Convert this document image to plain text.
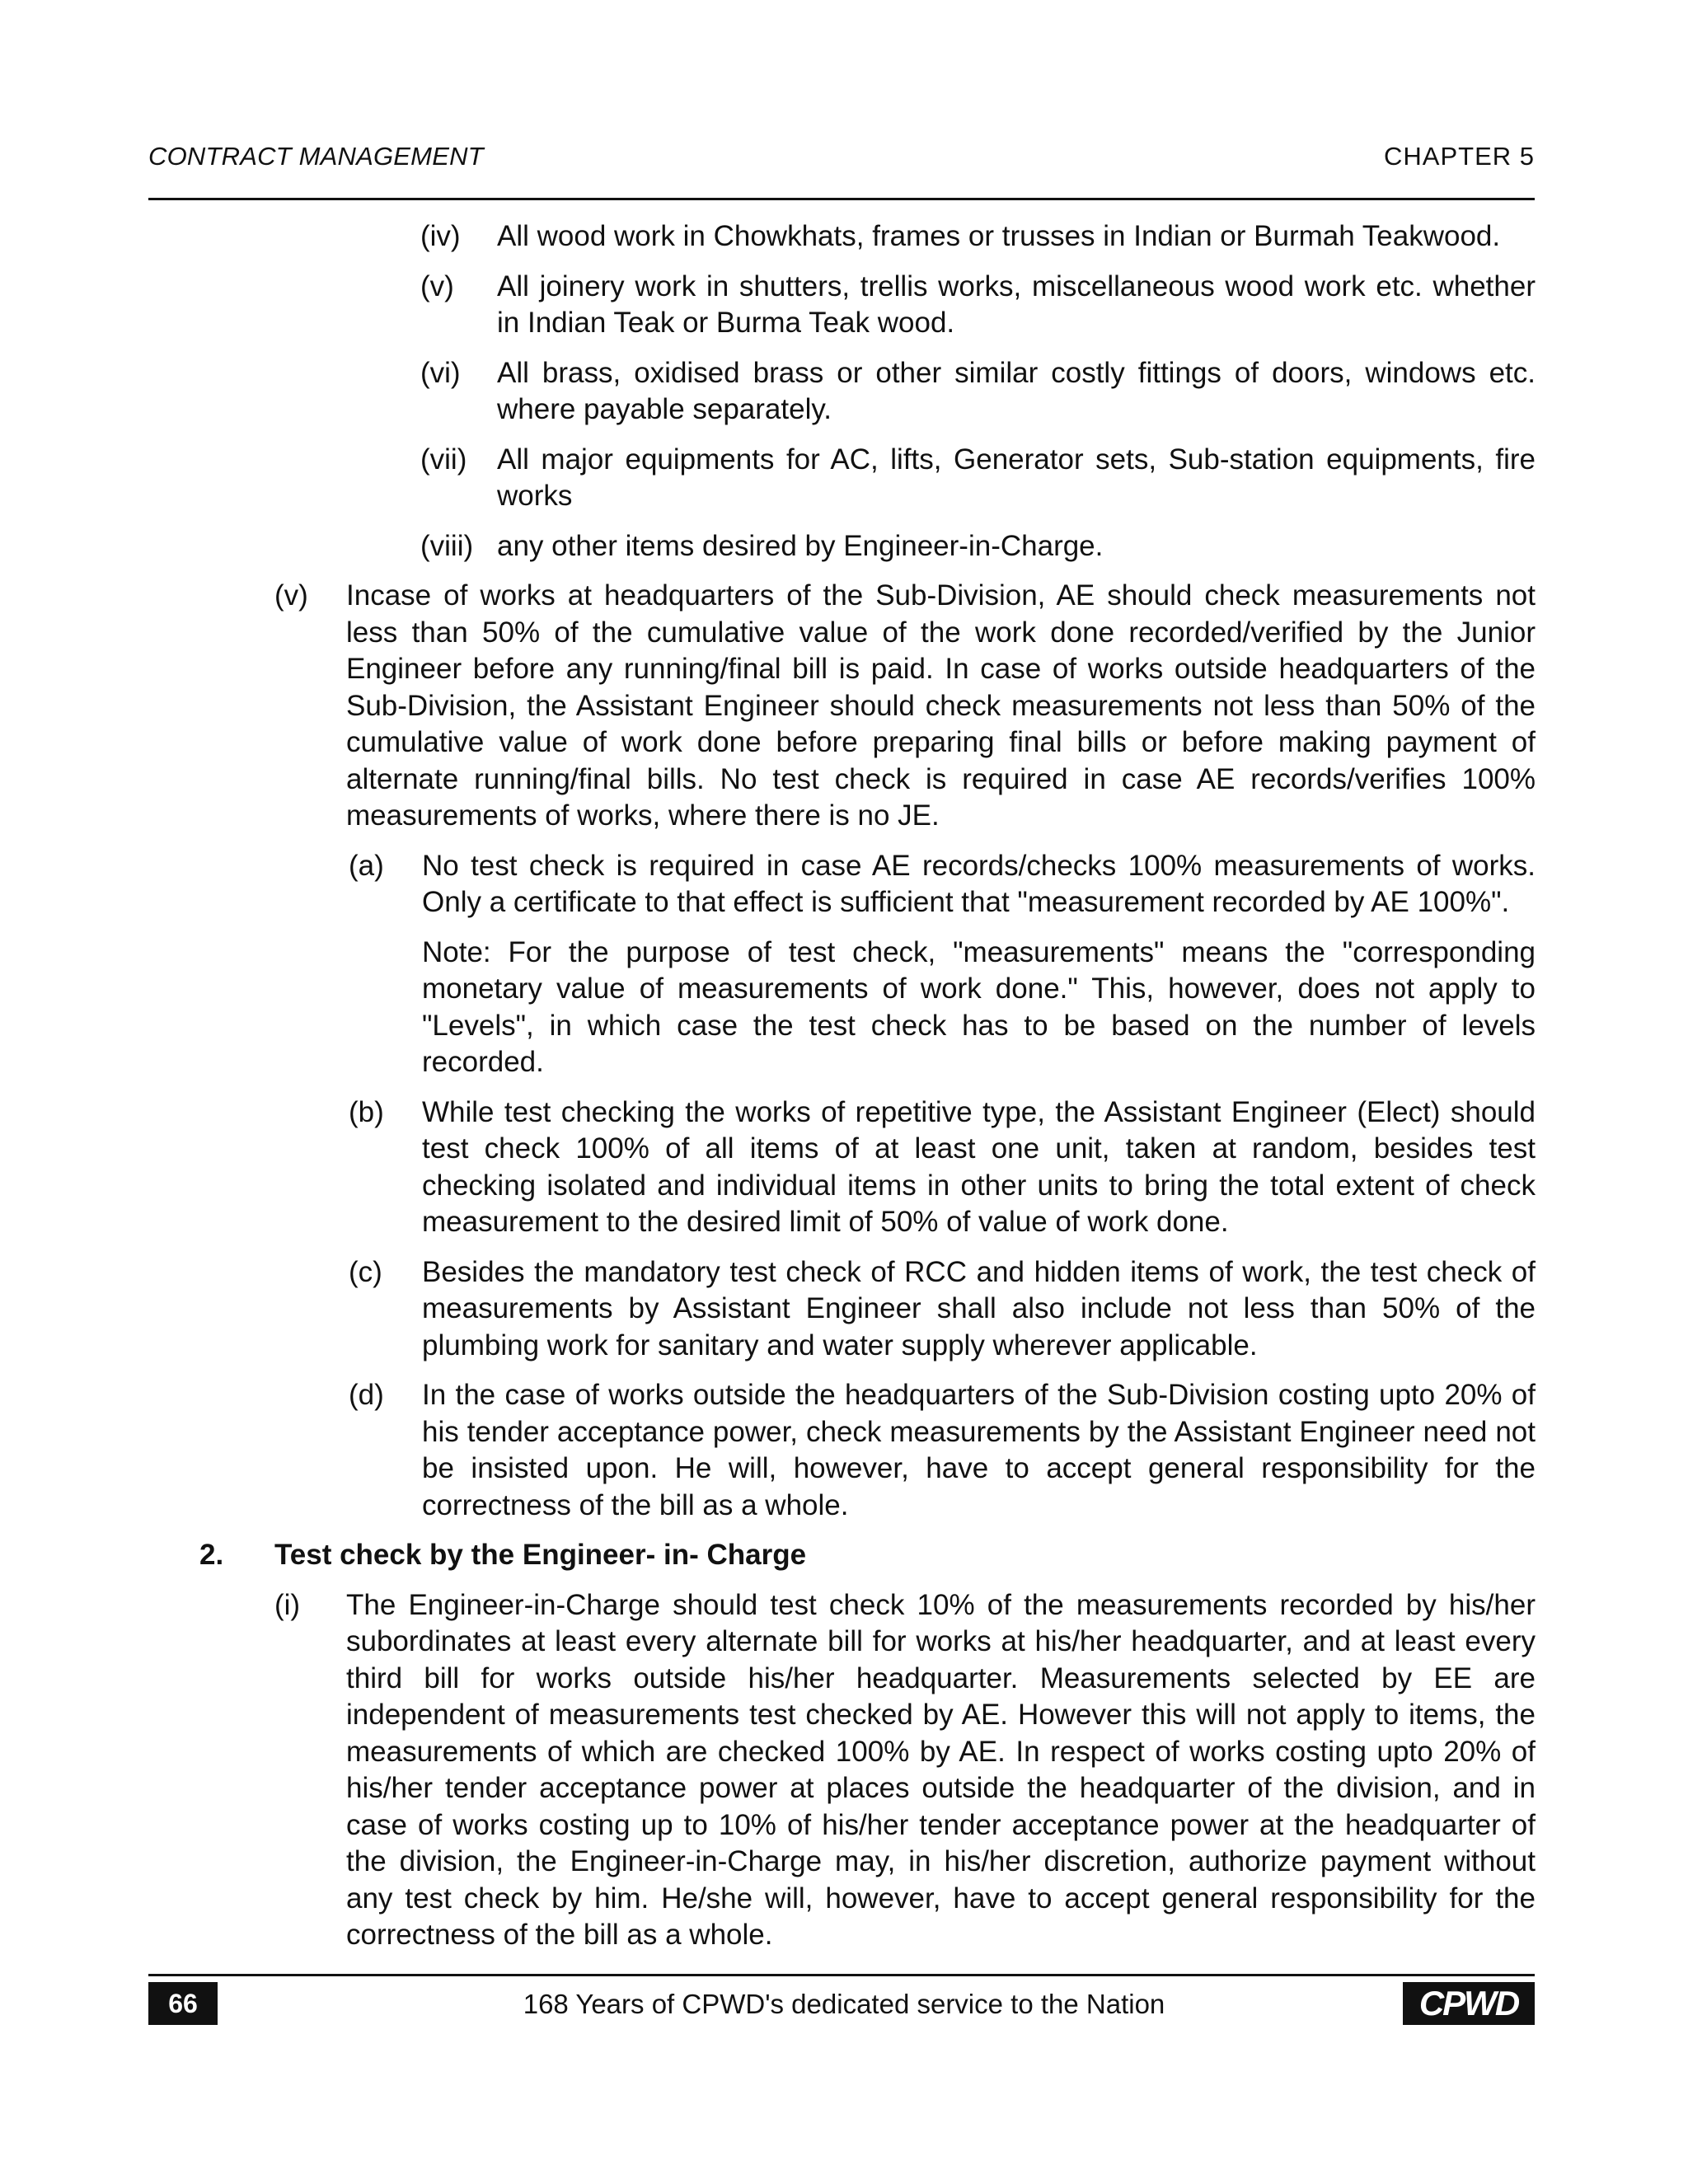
CONTRACT MANAGEMENT	CHAPTER 5
(iv) All wood work in Chowkhats, frames or trusses in Indian or Burmah Teakwood.
(v) All joinery work in shutters, trellis works, miscellaneous wood work etc. whether in Indian Teak or Burma Teak wood.
(vi) All brass, oxidised brass or other similar costly fittings of doors, windows etc. where payable separately.
(vii) All major equipments for AC, lifts, Generator sets, Sub-station equipments, fire works
(viii) any other items desired by Engineer-in-Charge.
(v) Incase of works at headquarters of the Sub-Division, AE should check measurements not less than 50% of the cumulative value of the work done recorded/verified by the Junior Engineer before any running/final bill is paid. In case of works outside headquarters of the Sub-Division, the Assistant Engineer should check measurements not less than 50% of the cumulative value of work done before preparing final bills or before making payment of alternate running/final bills. No test check is required in case AE records/verifies 100% measurements of works, where there is no JE.
(a) No test check is required in case AE records/checks 100% measurements of works. Only a certificate to that effect is sufficient that "measurement recorded by AE 100%".
Note: For the purpose of test check, "measurements" means the "corresponding monetary value of measurements of work done." This, however, does not apply to "Levels", in which case the test check has to be based on the number of levels recorded.
(b) While test checking the works of repetitive type, the Assistant Engineer (Elect) should test check 100% of all items of at least one unit, taken at random, besides test checking isolated and individual items in other units to bring the total extent of check measurement to the desired limit of 50% of value of work done.
(c) Besides the mandatory test check of RCC and hidden items of work, the test check of measurements by Assistant Engineer shall also include not less than 50% of the plumbing work for sanitary and water supply wherever applicable.
(d) In the case of works outside the headquarters of the Sub-Division costing upto 20% of his tender acceptance power, check measurements by the Assistant Engineer need not be insisted upon. He will, however, have to accept general responsibility for the correctness of the bill as a whole.
2. Test check by the Engineer- in- Charge
(i) The Engineer-in-Charge should test check 10% of the measurements recorded by his/her subordinates at least every alternate bill for works at his/her headquarter, and at least every third bill for works outside his/her headquarter. Measurements selected by EE are independent of measurements test checked by AE. However this will not apply to items, the measurements of which are checked 100% by AE. In respect of works costing upto 20% of his/her tender acceptance power at places outside the headquarter of the division, and in case of works costing up to 10% of his/her tender acceptance power at the headquarter of the division, the Engineer-in-Charge may, in his/her discretion, authorize payment without any test check by him. He/she will, however, have to accept general responsibility for the correctness of the bill as a whole.
66	168 Years of CPWD's dedicated service to the Nation	CPWD
